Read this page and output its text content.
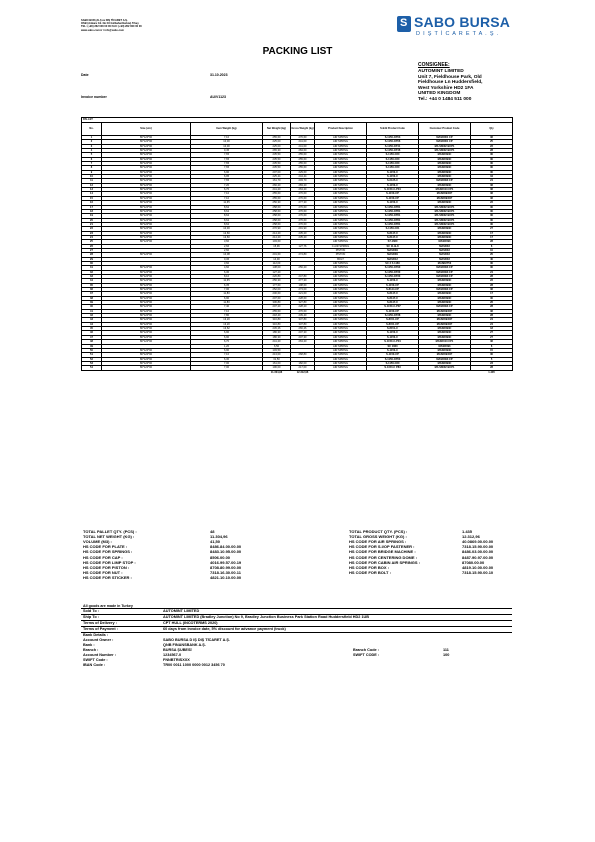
SABO BUR (ALI) ve DIŞ TİCARET A.Ş.
OSB (Ankara Cd. No:16 Gülbahar/Gebze) Trkey
TEL: (+90) 262 000 00 00 FAX: (+90) 262 000 00 00
www.sabo.com.tr / info@sabo.com
S SABO BURSA
D I Ş T İ C A R E T A . Ş .
PACKING LIST
Date	31.10.2023
Invoice number	AU/V1123
CONSIGNEE:
AUTOMINT LIMITED
Unit 7, Fieldhouse Park, Old
Fieldhouse Ln Huddersfield,
West Yorkshire HD2 1FA
UNITED KINGDOM
Tel.: +44 0 1484 511 000
PALLET								
No.	Size (cm)	Item Weight (kg)	Net Weight (kg)	Gross Weight (kg)	Product Description	S.B.B Product Code	Customer Product Code	Qty
1	80*120*90	7,10	255,60	276,60	AIR SPRING	S-1150-CP03	MASD061 CP	36
2	80*120*90	10,00	225,00	241,00	AIR SPRING	S-1150-CP06	MASD061 CP	25
3	80*120*90	10,00	225,00	241,00	AIR SPRING	S-1150-CP41	MA S8002 BCP1	22
4	80*120*90	9,45	265,30	284,60	AIR SPRING	S-1150-CP46	MA S8002 BCP1	28
5	80*120*90	7,65	235,50	255,60	AIR SPRING	S-1150-C60	MASD093C	30
6	80*120*90	7,65	235,50	255,60	AIR SPRING	S-1150-C60	MASD093C	30
7	80*120*90	7,65	235,50	255,60	AIR SPRING	S-1150-C60	MASD093C	30
8	80*120*90	7,65	235,50	255,60	AIR SPRING	S-1150-C60	MASD093C	30
9	80*120*90	6,90	207,00	229,60	AIR SPRING	S-1150-C	MASD093C	30
10	80*120*90	6,95	225,44	244,44	AIR SPRING	S-1150-C	MASD093C	34
11	80*120*90	7,65	161,70	203,70	AIR SPRING	S-6135-C	MASD093 CP	24
12	80*120*90	7,20	266,20	283,20	AIR SPRING	S-1150-C	MASD093C	36
13	80*120*90	6,70	241,20	263,20	AIR SPRING	S-1150-C-P04	MASD013 CP1	36
14	80*120*90	7,10	255,60	276,60	AIR SPRING	S-1150-CP	MASD093CP	36
15	80*120*90	7,10	255,60	276,60	AIR SPRING	S-1150-CP	MASD093CP	36
16	80*120*90	11,65	256,30	277,30	AIR SPRING	S-1150-C	MASD093C	22
17	80*120*90	8,62	258,60	276,60	AIR SPRING	S-1150-CP81	MA S8002 BCP1	30
18	80*120*90	8,62	258,60	276,60	AIR SPRING	S-1150-CP81	MA S8002 BCP1	30
19	80*120*90	8,62	258,60	276,60	AIR SPRING	S-1150-CP81	MA S8002 BCP1	30
20	80*120*90	8,62	258,60	276,60	AIR SPRING	S-1150-CP81	MA S8002 BCP1	30
21	80*120*90	8,62	258,60	276,60	AIR SPRING	S-1150-CP81	MA S8002 BCP1	30
22	80*120*90	10,30	270,90	291,90	AIR SPRING	S-1150-C61	MASD093C	27
23	80*120*90	12,60	214,20	235,20	AIR SPRING	S-8147-C	MASD093C	17
24	80*120*90	12,60	214,20	235,20	AIR SPRING	S-8147-C	MASD093C	17
25	80*120*90	3,60	103,60		AIR SPRING	S7-1660	MASD093	28
26		2,66	15,96	127,76	C.AIR SPRING	SC 11-B-8	MASD33	6
27		2,60			PISTON	MASD09	MASD33	10
28	80*120*90	10,08	201,60	274,80	PISTON	MASD09	MASD33	20
29		0,36	14,00		BOLT	MASD12	MASD33	40
30		3,60	112,00		AIR SPRING	SC 3 F-1160	MASD2753	30
31	80*120*90	4,60	138,00	256,20	AIR SPRING	S-1150-CP90	MASD093 CP	30
32	80*120*90	6,30	127,20		AIR SPRING	S-1150-CP30	MASD093 CP	24
33	80*120*90	8,10	226,80	247,80	AIR SPRING	S-1150-CP30	MASD093 CP	28
34	80*120*90	11,65	256,30	277,30	AIR SPRING	S-1150-C	MASD093C	22
35	80*120*90	6,35	177,60	198,60	AIR SPRING	S-1150-CP	MASD093C	28
36	80*120*90	7,00	252,00	273,00	AIR SPRING	S-8144-CP	MASD093 CP	36
37	80*120*90	11,80	200,60	221,60	AIR SPRING	S-8147-C	MASD093C	17
38	80*120*90	6,90	207,60	228,60	AIR SPRING	S-8147-C	MASD093C	30
39	80*120*90	11,80	306,80	327,80	AIR SPRING	S-8147-C	MASD093C	26
40	80*120*90	7,40	207,20	228,20	AIR SPRING	S-1150-C-P07	MASD093 CP	28
41	80*120*90	7,10	255,60	276,60	AIR SPRING	S-1150-CP	MASD093CP	36
42	80*120*90	7,80	218,40	239,40	AIR SPRING	S-1150-CP38	MASD093C	28
43	80*120*90	13,20	316,80	337,80	AIR SPRING	S-8151-CP	MASD093CP	24
44	80*120*90	13,20	316,80	337,80	AIR SPRING	S-8151-CP	MASD093CP	24
45	80*120*90	13,62	245,26	266,26	AIR SPRING	S-8151-C	MASD093C	18
46	80*120*90	6,90	186,30	207,30	AIR SPRING	S-1150-C	MASD093C	27
47	80*120*90	6,90	186,30	207,30	AIR SPRING	S-1150-C	MASD093C	27
48	80*120*90	6,70	241,20	263,20	AIR SPRING	S-1150-C-P04	MASD013 CP1	36
49		1,20	6,50		AIR SPRING	SC 1660	MASD093	6
50	80*120*90	6,90	103,50		AIR SPRING	S-1150-C	MASD093C	15
51	80*120*90	7,10	213,00	268,80	AIR SPRING	S-1150-CP	MASD093CP	30
52	80*120*90	6,30	31,50		AIR SPRING	S-1150-CP60	MASD093 CP	5
53	80*120*90	7,00	161,00	182,00	AIR SPRING	S-1150-C60	MASD093C	23
54	80*120*90	7,00	196,00	217,00	AIR SPRING	S-1150-C P83	MA S8002 BCP1	28
			11.304,96	12.312,96				1.435
TOTAL PALLET QTY. (PCS) :	48
TOTAL NET WEIGHT (KG) :	11.304,96
VOLUME (M3) :	41,50
HS CODE FOR PLATE :	8486.84.00.00.00
HS CODE FOR SPRINGS :	8483.10.95.00.00
HS CODE FOR CAP :	8506.00.00
HS CODE FOR LIMP STOP :	4016.99.57.00.19
HS CODE FOR PISTON :	8708.80.99.00.00
HS CODE FOR NUT :	7318.16.30.00.11
HS CODE FOR STICKER :	4821.10.10.00.00
TOTAL PRODUCT QTY. (PCS) :	1.435
TOTAL GROSS WEIGHT (KG) :	12.312,96
HS CODE FOR AIR SPRINGS :	40.0869.00.00.00
HS CODE FOR S.I/OP FASTENER :	7318.15.90.00.00
HS CODE FOR BRIDGE MACHINE :	8486.03.00.00.00
HS CODE FOR CENTERING DOME :	8487.90.97.00.00
HS CODE FOR CABIN AIR SPRINGS :	87080.00.00
HS CODE FOR BOX :	4819.10.00.00.00
HS CODE FOR BOLT :	7318.15.90.00.10
All goods are made in Turkey
Sold To :	AUTOMINT LIMITED		
Ship To :	AUTOMINT LIMITED (Bradley Junction) No 9, Bradley Junction Business Park Station Road Huddersfield HD2 1UB		
Terms of Delivery :	CPT HULL (INCOTERMS 2020)		
Terms of Payment :	60 days from invoice date, 5% discount for advance payment (truck)		
Bank Details :			
Account Owner :	SABO BURSA D IŞ DIŞ TİCARET A.Ş.		
Bank :	QNB FINANSBANK A.Ş.		
Branch :	BURSA ŞUBESİ	Branch Code :	111
Account Number :	1234567-0	SWIFT CODE :	100
SWIFT Code :	FNNBTRISXXX		
IBAN Code :	TR00 0011 1000 0000 0012 3456 70		
